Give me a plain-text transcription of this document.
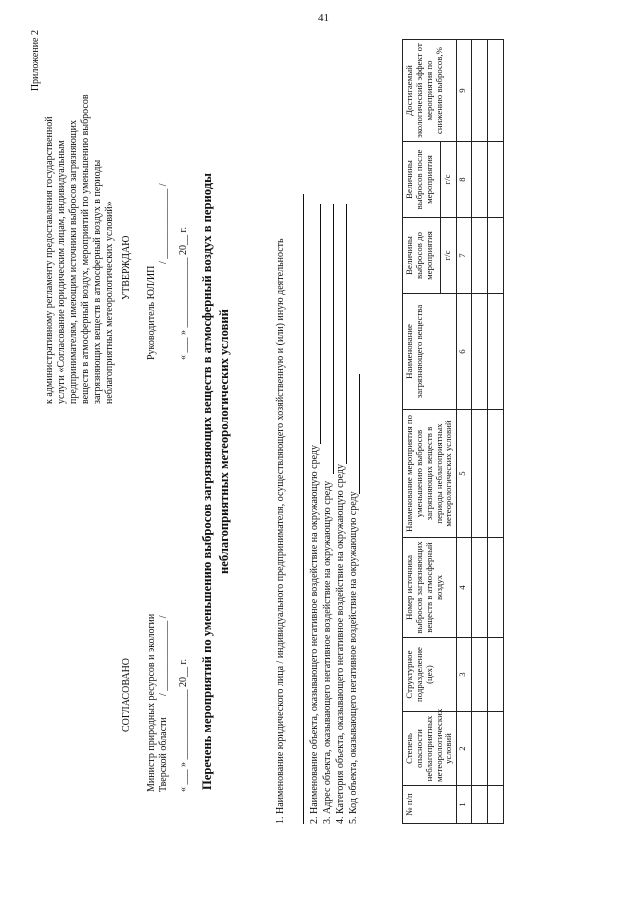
41
Приложение 2
к административному регламенту предоставления государственной услуги «Согласование юридическим лицам, индивидуальным предпринимателям, имеющим источники выбросов загрязняющих веществ в атмосферный воздух, мероприятий по уменьшению выбросов загрязняющих веществ в атмосферный воздух в периоды неблагоприятных метеорологических условий»
СОГЛАСОВАНО Министр природных ресурсов и экологии Тверской области
/ ______________ /
« ___ » ______________ 20__ г.
УТВЕРЖДАЮ Руководитель ЮЛ/ИП
/ ______________ /
« ___ » ______________ 20__ г. Перечень мероприятий по уменьшению выбросов загрязняющих веществ в атмосферный воздух в периоды неблагоприятных метеорологических условий	1. Наименование юридического лица / индивидуального предпринимателя, осуществляющего хозяйственную и (или) иную деятельность 2. Наименование объекта, оказывающего негативное воздействие на окружающую среду 3. Адрес объекта, оказывающего негативное воздействие на окружающую среду 4. Категория объекта, оказывающего негативное воздействие на окружающую среду 5. Код объекта, оказывающего негативное воздействие на окружающую среду	№ п/п	Степень опасности неблагоприятных метеорологических условий	Структурное подразделение (цех)	Номер источника выбросов загрязняющих веществ в атмосферный воздух	Наименование мероприятия по уменьшению выбросов загрязняющих веществ в периоды неблагоприятных метеорологических условий	Наименование загрязняющего вещества	Величины выбросов до мероприятия	Величины выбросов после мероприятия	Достигаемый экологический эффект от мероприятия по снижению выбросов,%
						г/с	г/с	
1	2	3	4	5	6	7	8	9
